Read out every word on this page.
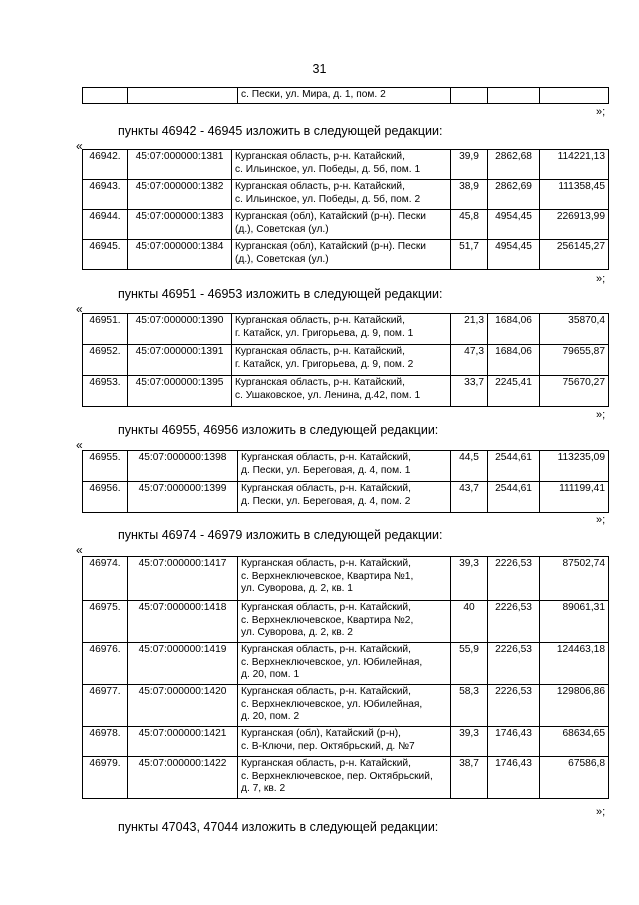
31
		с. Пески, ул. Мира, д. 1, пом. 2			
»;
пункты 46942 - 46945 изложить в следующей редакции:
«
46942.	45:07:000000:1381	Курганская область, р-н. Катайский,
с. Ильинское, ул. Победы, д. 5б, пом. 1	39,9	2862,68	114221,13
46943.	45:07:000000:1382	Курганская область, р-н. Катайский,
с. Ильинское, ул. Победы, д. 5б, пом. 2	38,9	2862,69	111358,45
46944.	45:07:000000:1383	Курганская (обл), Катайский (р-н). Пески
(д.), Советская (ул.)	45,8	4954,45	226913,99
46945.	45:07:000000:1384	Курганская (обл), Катайский (р-н). Пески
(д.), Советская (ул.)	51,7	4954,45	256145,27
»;
пункты 46951 - 46953 изложить в следующей редакции:
«
46951.	45:07:000000:1390	Курганская область, р-н. Катайский,
г. Катайск, ул. Григорьева, д. 9, пом. 1	21,3	1684,06	35870,4
46952.	45:07:000000:1391	Курганская область, р-н. Катайский,
г. Катайск, ул. Григорьева, д. 9, пом. 2	47,3	1684,06	79655,87
46953.	45:07:000000:1395	Курганская область, р-н. Катайский,
с. Ушаковское, ул. Ленина, д.42, пом. 1	33,7	2245,41	75670,27
»;
пункты 46955, 46956 изложить в следующей редакции:
«
46955.	45:07:000000:1398	Курганская область, р-н. Катайский,
д. Пески, ул. Береговая, д. 4, пом. 1	44,5	2544,61	113235,09
46956.	45:07:000000:1399	Курганская область, р-н. Катайский,
д. Пески, ул. Береговая, д. 4, пом. 2	43,7	2544,61	111199,41
»;
пункты 46974 - 46979 изложить в следующей редакции:
«
46974.	45:07:000000:1417	Курганская область, р-н. Катайский,
с. Верхнеключевское, Квартира №1,
ул. Суворова, д. 2, кв. 1	39,3	2226,53	87502,74
46975.	45:07:000000:1418	Курганская область, р-н. Катайский,
с. Верхнеключевское, Квартира №2,
ул. Суворова, д. 2, кв. 2	40	2226,53	89061,31
46976.	45:07:000000:1419	Курганская область, р-н. Катайский,
с. Верхнеключевское, ул. Юбилейная,
д. 20, пом. 1	55,9	2226,53	124463,18
46977.	45:07:000000:1420	Курганская область, р-н. Катайский,
с. Верхнеключевское, ул. Юбилейная,
д. 20, пом. 2	58,3	2226,53	129806,86
46978.	45:07:000000:1421	Курганская (обл), Катайский (р-н),
с. В-Ключи, пер. Октябрьский, д. №7	39,3	1746,43	68634,65
46979.	45:07:000000:1422	Курганская область, р-н. Катайский,
с. Верхнеключевское, пер. Октябрьский,
д. 7, кв. 2	38,7	1746,43	67586,8
»;
пункты 47043, 47044 изложить в следующей редакции:
